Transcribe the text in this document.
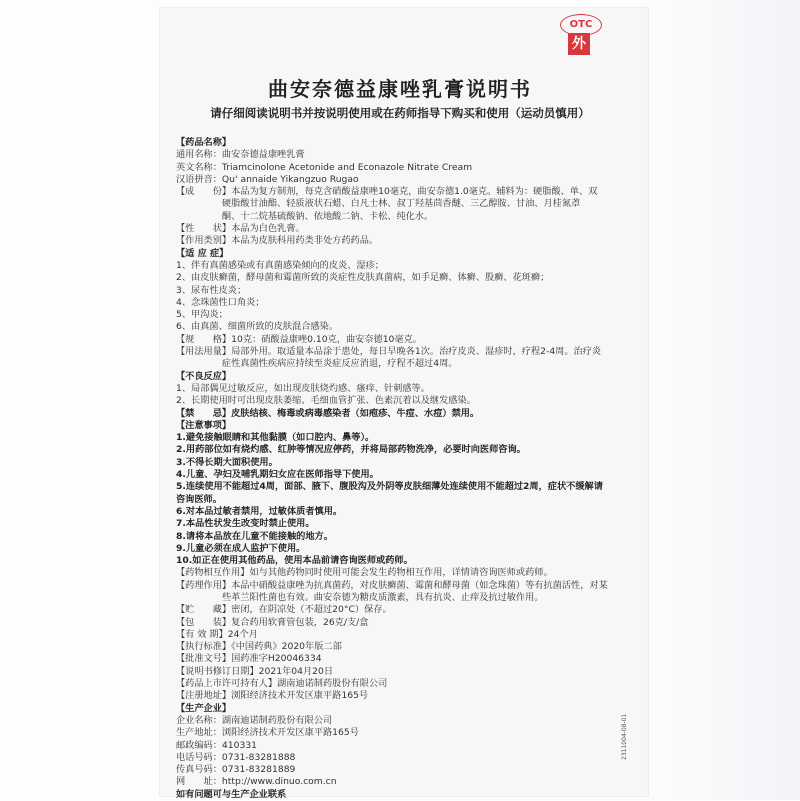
OTC
外
曲安奈德益康唑乳膏说明书
请仔细阅读说明书并按说明使用或在药师指导下购买和使用（运动员慎用）
【药品名称】
通用名称：曲安奈德益康唑乳膏
英文名称：Triamcinolone Acetonide and Econazole Nitrate Cream
汉语拼音：Qu' annaide Yikangzuo Rugao
【成　　份】本品为复方制剂，每克含硝酸益康唑10毫克，曲安奈德1.0毫克。辅料为：硬脂酸、单、双
　　　　　硬脂酸甘油酯、轻质液状石蜡、白凡士林、叔丁羟基茴香醚、三乙醇胺、甘油、月桂氮䓬
　　　　　酮、十二烷基硫酸钠、依地酸二钠、卡松、纯化水。
【性　　状】本品为白色乳膏。
【作用类别】本品为皮肤科用药类非处方药药品。
【适 应 症】
1、伴有真菌感染或有真菌感染倾向的皮炎、湿疹；
2、由皮肤癣菌，酵母菌和霉菌所致的炎症性皮肤真菌病，如手足癣、体癣、股癣、花斑癣；
3、尿布性皮炎；
4、念珠菌性口角炎；
5、甲沟炎；
6、由真菌、细菌所致的皮肤混合感染。
【规　　格】10克：硝酸益康唑0.10克，曲安奈德10毫克。
【用法用量】局部外用。取适量本品涂于患处，每日早晚各1次。治疗皮炎、湿疹时，疗程2-4周。治疗炎
　　　　　症性真菌性疾病应持续至炎症反应消退，疗程不超过4周。
【不良反应】
1、局部偶见过敏反应，如出现皮肤烧灼感、瘙痒、针刺感等。
2、长期使用时可出现皮肤萎缩、毛细血管扩张、色素沉着以及继发感染。
【禁　　忌】皮肤结核、梅毒或病毒感染者（如疱疹、牛痘、水痘）禁用。
【注意事项】
1.避免接触眼睛和其他黏膜（如口腔内、鼻等）。
2.用药部位如有烧灼感、红肿等情况应停药，并将局部药物洗净，必要时向医师咨询。
3.不得长期大面积使用。
4.儿童、孕妇及哺乳期妇女应在医师指导下使用。
5.连续使用不能超过4周，面部、腋下、腹股沟及外阴等皮肤细薄处连续使用不能超过2周，症状不缓解请
咨询医师。
6.对本品过敏者禁用，过敏体质者慎用。
7.本品性状发生改变时禁止使用。
8.请将本品放在儿童不能接触的地方。
9.儿童必须在成人监护下使用。
10.如正在使用其他药品，使用本品前请咨询医师或药师。
【药物相互作用】如与其他药物同时使用可能会发生药物相互作用，详情请咨询医师或药师。
【药理作用】本品中硝酸益康唑为抗真菌药，对皮肤癣菌、霉菌和酵母菌（如念珠菌）等有抗菌活性，对某
　　　　　些革兰阳性菌也有效。曲安奈德为糖皮质激素，具有抗炎、止痒及抗过敏作用。
【贮　　藏】密闭，在阴凉处（不超过20°C）保存。
【包　　装】复合药用软膏管包装，26克/支/盒
【有 效 期】24个月
【执行标准】《中国药典》2020年版二部
【批准文号】国药准字H20046334
【说明书修订日期】2021年04月20日
【药品上市许可持有人】湖南迪诺制药股份有限公司
【注册地址】浏阳经济技术开发区康平路165号
【生产企业】
企业名称：湖南迪诺制药股份有限公司
生产地址：浏阳经济技术开发区康平路165号
邮政编码：410331
电话号码：0731-83281888
传真号码：0731-83281889
网　　址：http://www.dinuo.com.cn
如有问题可与生产企业联系
